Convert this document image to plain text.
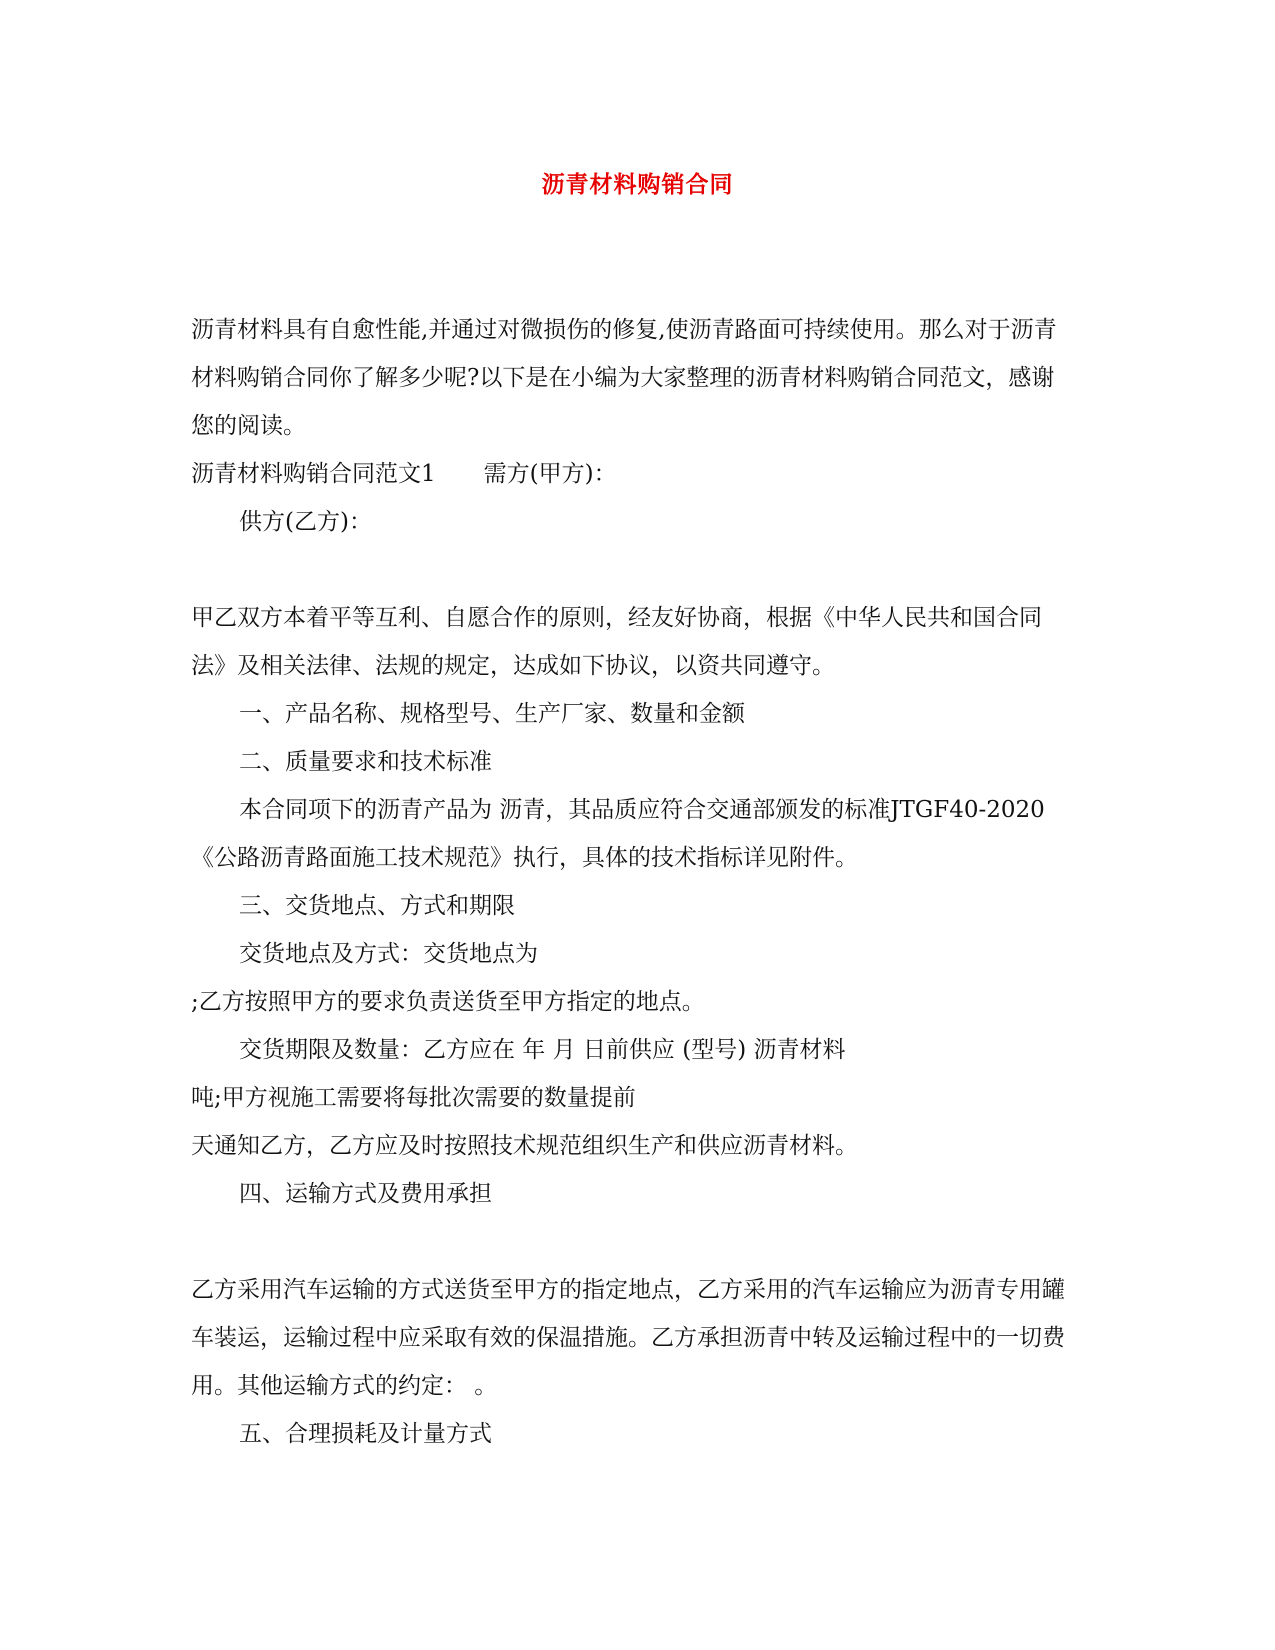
沥青材料购销合同

沥青材料具有自愈性能,并通过对微损伤的修复,使沥青路面可持续使用。那么对于沥青材料购销合同你了解多少呢?以下是在小编为大家整理的沥青材料购销合同范文，感谢您的阅读。

沥青材料购销合同范文1 需方(甲方)：

供方(乙方)：

甲乙双方本着平等互利、自愿合作的原则，经友好协商，根据《中华人民共和国合同法》及相关法律、法规的规定，达成如下协议，以资共同遵守。

一、产品名称、规格型号、生产厂家、数量和金额

二、质量要求和技术标准

本合同项下的沥青产品为 沥青，其品质应符合交通部颁发的标准JTGF40-2020《公路沥青路面施工技术规范》执行，具体的技术指标详见附件。

三、交货地点、方式和期限

交货地点及方式：交货地点为

;乙方按照甲方的要求负责送货至甲方指定的地点。

交货期限及数量：乙方应在 年 月 日前供应 (型号) 沥青材料

吨;甲方视施工需要将每批次需要的数量提前

天通知乙方，乙方应及时按照技术规范组织生产和供应沥青材料。

四、运输方式及费用承担

乙方采用汽车运输的方式送货至甲方的指定地点，乙方采用的汽车运输应为沥青专用罐车装运，运输过程中应采取有效的保温措施。乙方承担沥青中转及运输过程中的一切费用。其他运输方式的约定： 。

五、合理损耗及计量方式
